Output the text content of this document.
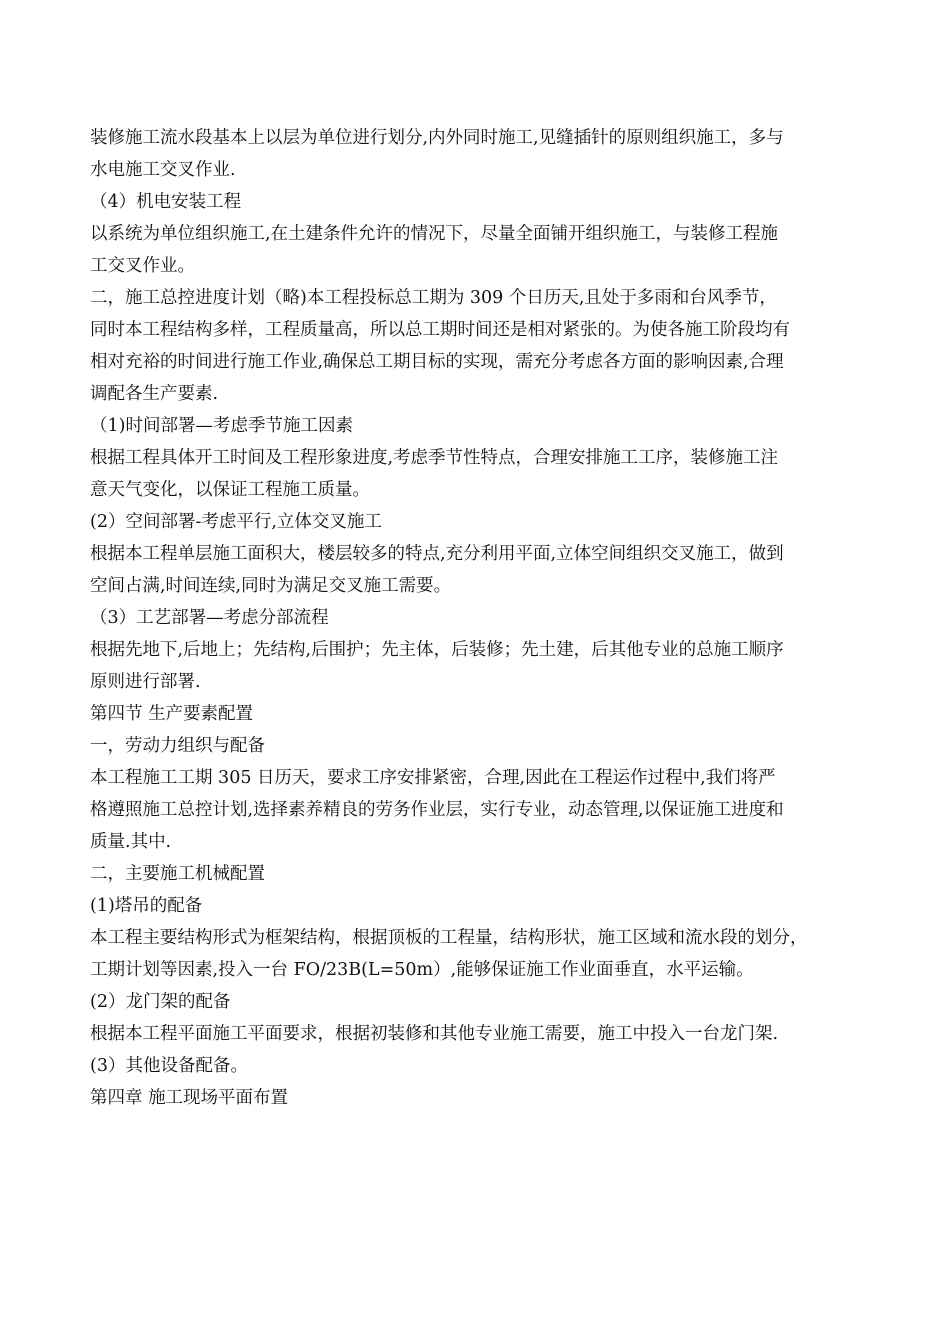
装修施工流水段基本上以层为单位进行划分,内外同时施工,见缝插针的原则组织施工，多与
水电施工交叉作业.
（4）机电安装工程
以系统为单位组织施工,在土建条件允许的情况下，尽量全面铺开组织施工，与装修工程施
工交叉作业。
二，施工总控进度计划（略)本工程投标总工期为 309 个日历天,且处于多雨和台风季节，
同时本工程结构多样，工程质量高，所以总工期时间还是相对紧张的。为使各施工阶段均有
相对充裕的时间进行施工作业,确保总工期目标的实现，需充分考虑各方面的影响因素,合理
调配各生产要素.
（1)时间部署—考虑季节施工因素
根据工程具体开工时间及工程形象进度,考虑季节性特点，合理安排施工工序，装修施工注
意天气变化，以保证工程施工质量。
(2）空间部署-考虑平行,立体交叉施工
根据本工程单层施工面积大，楼层较多的特点,充分利用平面,立体空间组织交叉施工，做到
空间占满,时间连续,同时为满足交叉施工需要。
（3）工艺部署—考虑分部流程
根据先地下,后地上；先结构,后围护；先主体，后装修；先土建，后其他专业的总施工顺序
原则进行部署.
第四节 生产要素配置
一，劳动力组织与配备
本工程施工工期 305 日历天，要求工序安排紧密，合理,因此在工程运作过程中,我们将严
格遵照施工总控计划,选择素养精良的劳务作业层，实行专业，动态管理,以保证施工进度和
质量.其中.
二，主要施工机械配置
(1)塔吊的配备
本工程主要结构形式为框架结构，根据顶板的工程量，结构形状，施工区域和流水段的划分，
工期计划等因素,投入一台 FO/23B(L=50m）,能够保证施工作业面垂直，水平运输。
(2）龙门架的配备
根据本工程平面施工平面要求，根据初装修和其他专业施工需要，施工中投入一台龙门架.
(3）其他设备配备。
第四章 施工现场平面布置
